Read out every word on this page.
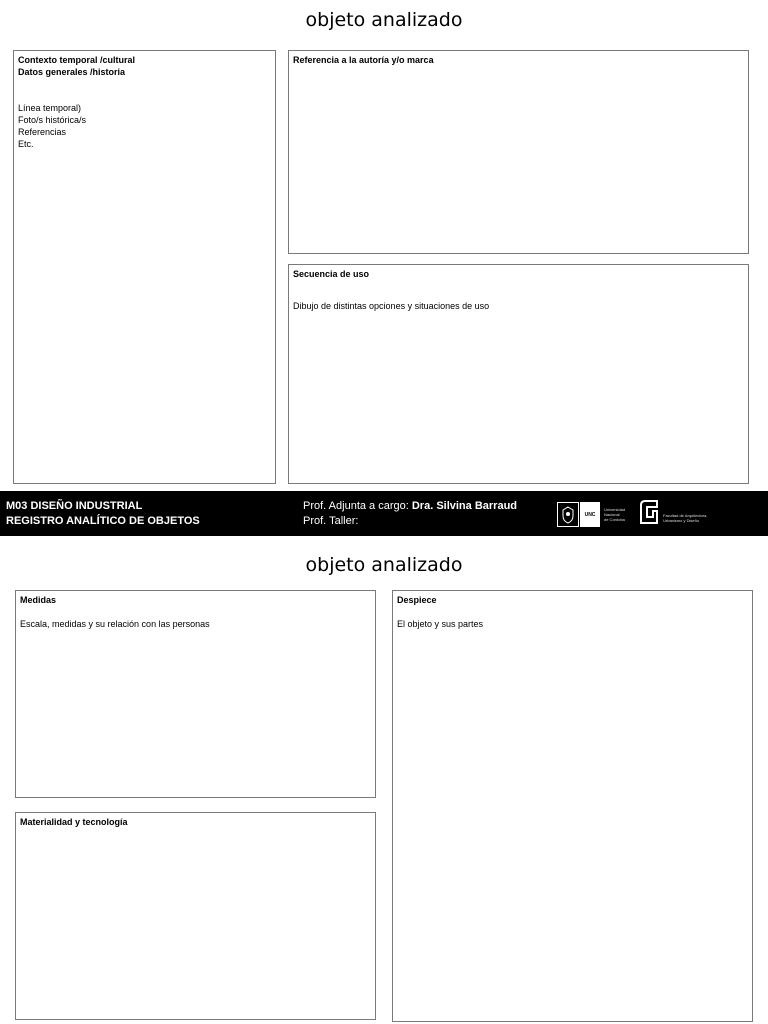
objeto analizado
Contexto temporal /cultural
Datos generales /historia
Línea temporal)
Foto/s histórica/s
Referencias
Etc.
Referencia a la autoría y/o marca
Secuencia de uso
Dibujo de distintas opciones y situaciones de uso
M03 DISEÑO INDUSTRIAL
REGISTRO ANALÍTICO DE OBJETOS
Prof. Adjunta a cargo: Dra. Silvina Barraud
Prof. Taller:
UNC
Universidad
Nacional
de Córdoba
FAUD
Facultad de Arquitectura,
Urbanismo y Diseño IPDE
objeto analizado
Medidas
Escala, medidas y su relación con las personas
Materialidad y tecnología
Despiece
El objeto y sus partes
